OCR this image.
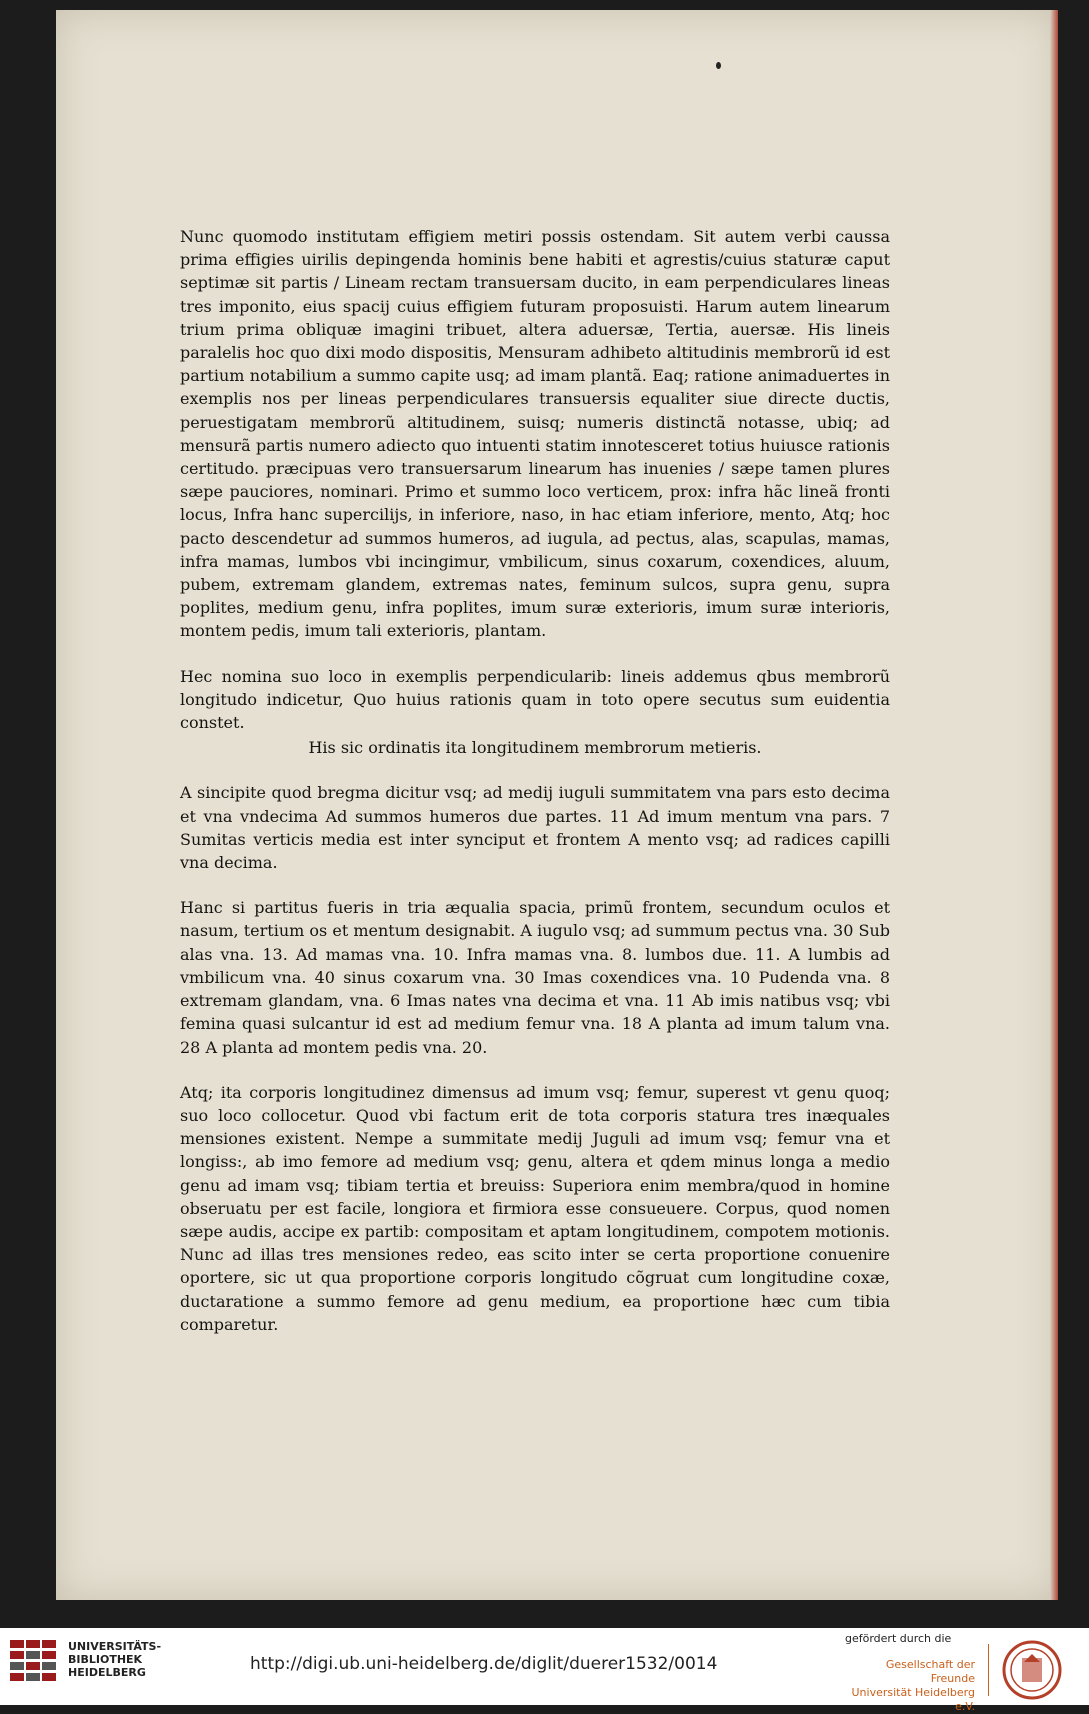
Nunc quomodo institutam effigiem metiri possis ostendam. Sit autem verbi caussa prima effigies uirilis depingenda hominis bene habiti et agrestis/cuius staturæ caput septimæ sit partis / Lineam rectam transuersam ducito, in eam perpendiculares lineas tres imponito, eius spacij cuius effigiem futuram proposuisti. Harum autem linearum trium prima obliquæ imagini tribuet, altera aduersæ, Tertia, auersæ. His lineis paralelis hoc quo dixi modo dispositis, Mensuram adhibeto altitudinis membrorũ id est partium notabilium a summo capite usq; ad imam plantã. Eaq; ratione animaduertes in exemplis nos per lineas perpendiculares transuersis equaliter siue directe ductis, peruestigatam membrorũ altitudinem, suisq; numeris distinctã notasse, ubiq; ad mensurã partis numero adiecto quo intuenti statim innotesceret totius huiusce rationis certitudo. præcipuas vero transuersarum linearum has inuenies / sæpe tamen plures sæpe pauciores, nominari. Primo et summo loco verticem, prox: infra hãc lineã fronti locus, Infra hanc supercilijs, in inferiore, naso, in hac etiam inferiore, mento, Atq; hoc pacto descendetur ad summos humeros, ad iugula, ad pectus, alas, scapulas, mamas, infra mamas, lumbos vbi incingimur, vmbilicum, sinus coxarum, coxendices, aluum, pubem, extremam glandem, extremas nates, feminum sulcos, supra genu, supra poplites, medium genu, infra poplites, imum suræ exterioris, imum suræ interioris, montem pedis, imum tali exterioris, plantam.

Hec nomina suo loco in exemplis perpendicularib: lineis addemus qbus membrorũ longitudo indicetur, Quo huius rationis quam in toto opere secutus sum euidentia constet.

His sic ordinatis ita longitudinem membrorum metieris.

A sincipite quod bregma dicitur vsq; ad medij iuguli summitatem vna pars esto decima et vna vndecima Ad summos humeros due partes. 11 Ad imum mentum vna pars. 7 Sumitas verticis media est inter synciput et frontem A mento vsq; ad radices capilli vna decima.

Hanc si partitus fueris in tria æqualia spacia, primũ frontem, secundum oculos et nasum, tertium os et mentum designabit. A iugulo vsq; ad summum pectus vna. 30 Sub alas vna. 13. Ad mamas vna. 10. Infra mamas vna. 8. lumbos due. 11. A lumbis ad vmbilicum vna. 40 sinus coxarum vna. 30 Imas coxendices vna. 10 Pudenda vna. 8 extremam glandam, vna. 6 Imas nates vna decima et vna. 11 Ab imis natibus vsq; vbi femina quasi sulcantur id est ad medium femur vna. 18 A planta ad imum talum vna. 28 A planta ad montem pedis vna. 20.

Atq; ita corporis longitudinez dimensus ad imum vsq; femur, superest vt genu quoq; suo loco collocetur. Quod vbi factum erit de tota corporis statura tres inæquales mensiones existent. Nempe a summitate medij Juguli ad imum vsq; femur vna et longiss:, ab imo femore ad medium vsq; genu, altera et qdem minus longa a medio genu ad imam vsq; tibiam tertia et breuiss: Superiora enim membra/quod in homine obseruatu per est facile, longiora et firmiora esse consueuere. Corpus, quod nomen sæpe audis, accipe ex partib: compositam et aptam longitudinem, compotem motionis. Nunc ad illas tres mensiones redeo, eas scito inter se certa proportione conuenire oportere, sic ut qua proportione corporis longitudo cõgruat cum longitudine coxæ, ductaratione a summo femore ad genu medium, ea proportione hæc cum tibia comparetur.

UNIVERSITÄTS-
BIBLIOTHEK
HEIDELBERG	http://digi.ub.uni-heidelberg.de/diglit/duerer1532/0014
gefördert durch die
Gesellschaft der Freunde
Universität Heidelberg e.V.
